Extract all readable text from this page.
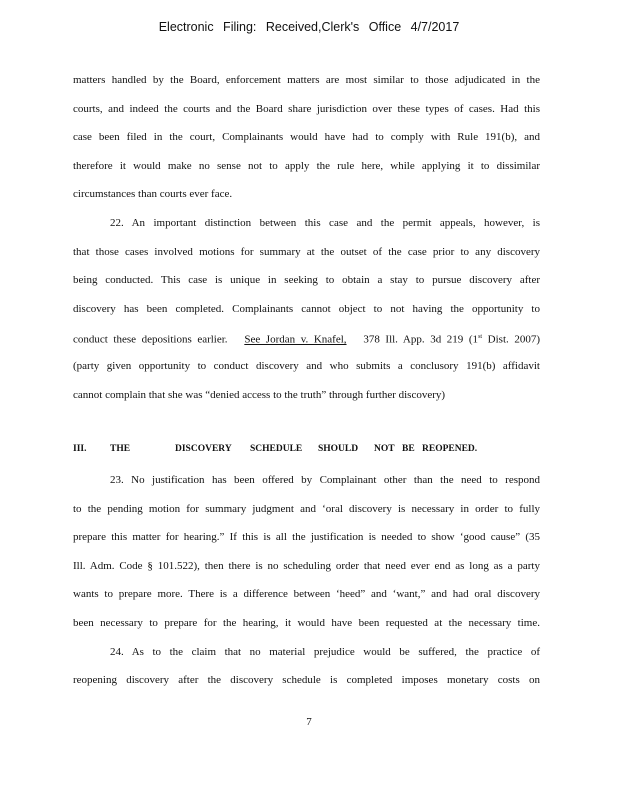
Electronic Filing: Received,Clerk's Office 4/7/2017
matters handled by the Board, enforcement matters are most similar to those adjudicated in the
courts, and indeed the courts and the Board share jurisdiction over these types of cases. Had this
case been filed in the court, Complainants would have had to comply with Rule 191(b), and
therefore it would make no sense not to apply the rule here, while applying it to dissimilar
circumstances than courts ever face.
22. An important distinction between this case and the permit appeals, however, is
that those cases involved motions for summary at the outset of the case prior to any discovery
being conducted. This case is unique in seeking to obtain a stay to pursue discovery after
discovery has been completed. Complainants cannot object to not having the opportunity to
conduct these depositions earlier. See Jordan v. Knafel, 378 Ill. App. 3d 219 (1st Dist. 2007)
(party given opportunity to conduct discovery and who submits a conclusory 191(b) affidavit
cannot complain that she was “denied access to the truth” through further discovery)
III. THE	DISCOVERY SCHEDULE SHOULD NOT BE REOPENED.
23. No justification has been offered by Complainant other than the need to respond
to the pending motion for summary judgment and ‘oral discovery is necessary in order to fully
prepare this matter for hearing.” If this is all the justification is needed to show ‘good cause” (35
Ill. Adm. Code § 101.522), then there is no scheduling order that need ever end as long as a party
wants to prepare more. There is a difference between ‘heed” and ‘want,” and had oral discovery
been necessary to prepare for the hearing, it would have been requested at the necessary time.
24. As to the claim that no material prejudice would be suffered, the practice of
reopening discovery after the discovery schedule is completed imposes monetary costs on
7
